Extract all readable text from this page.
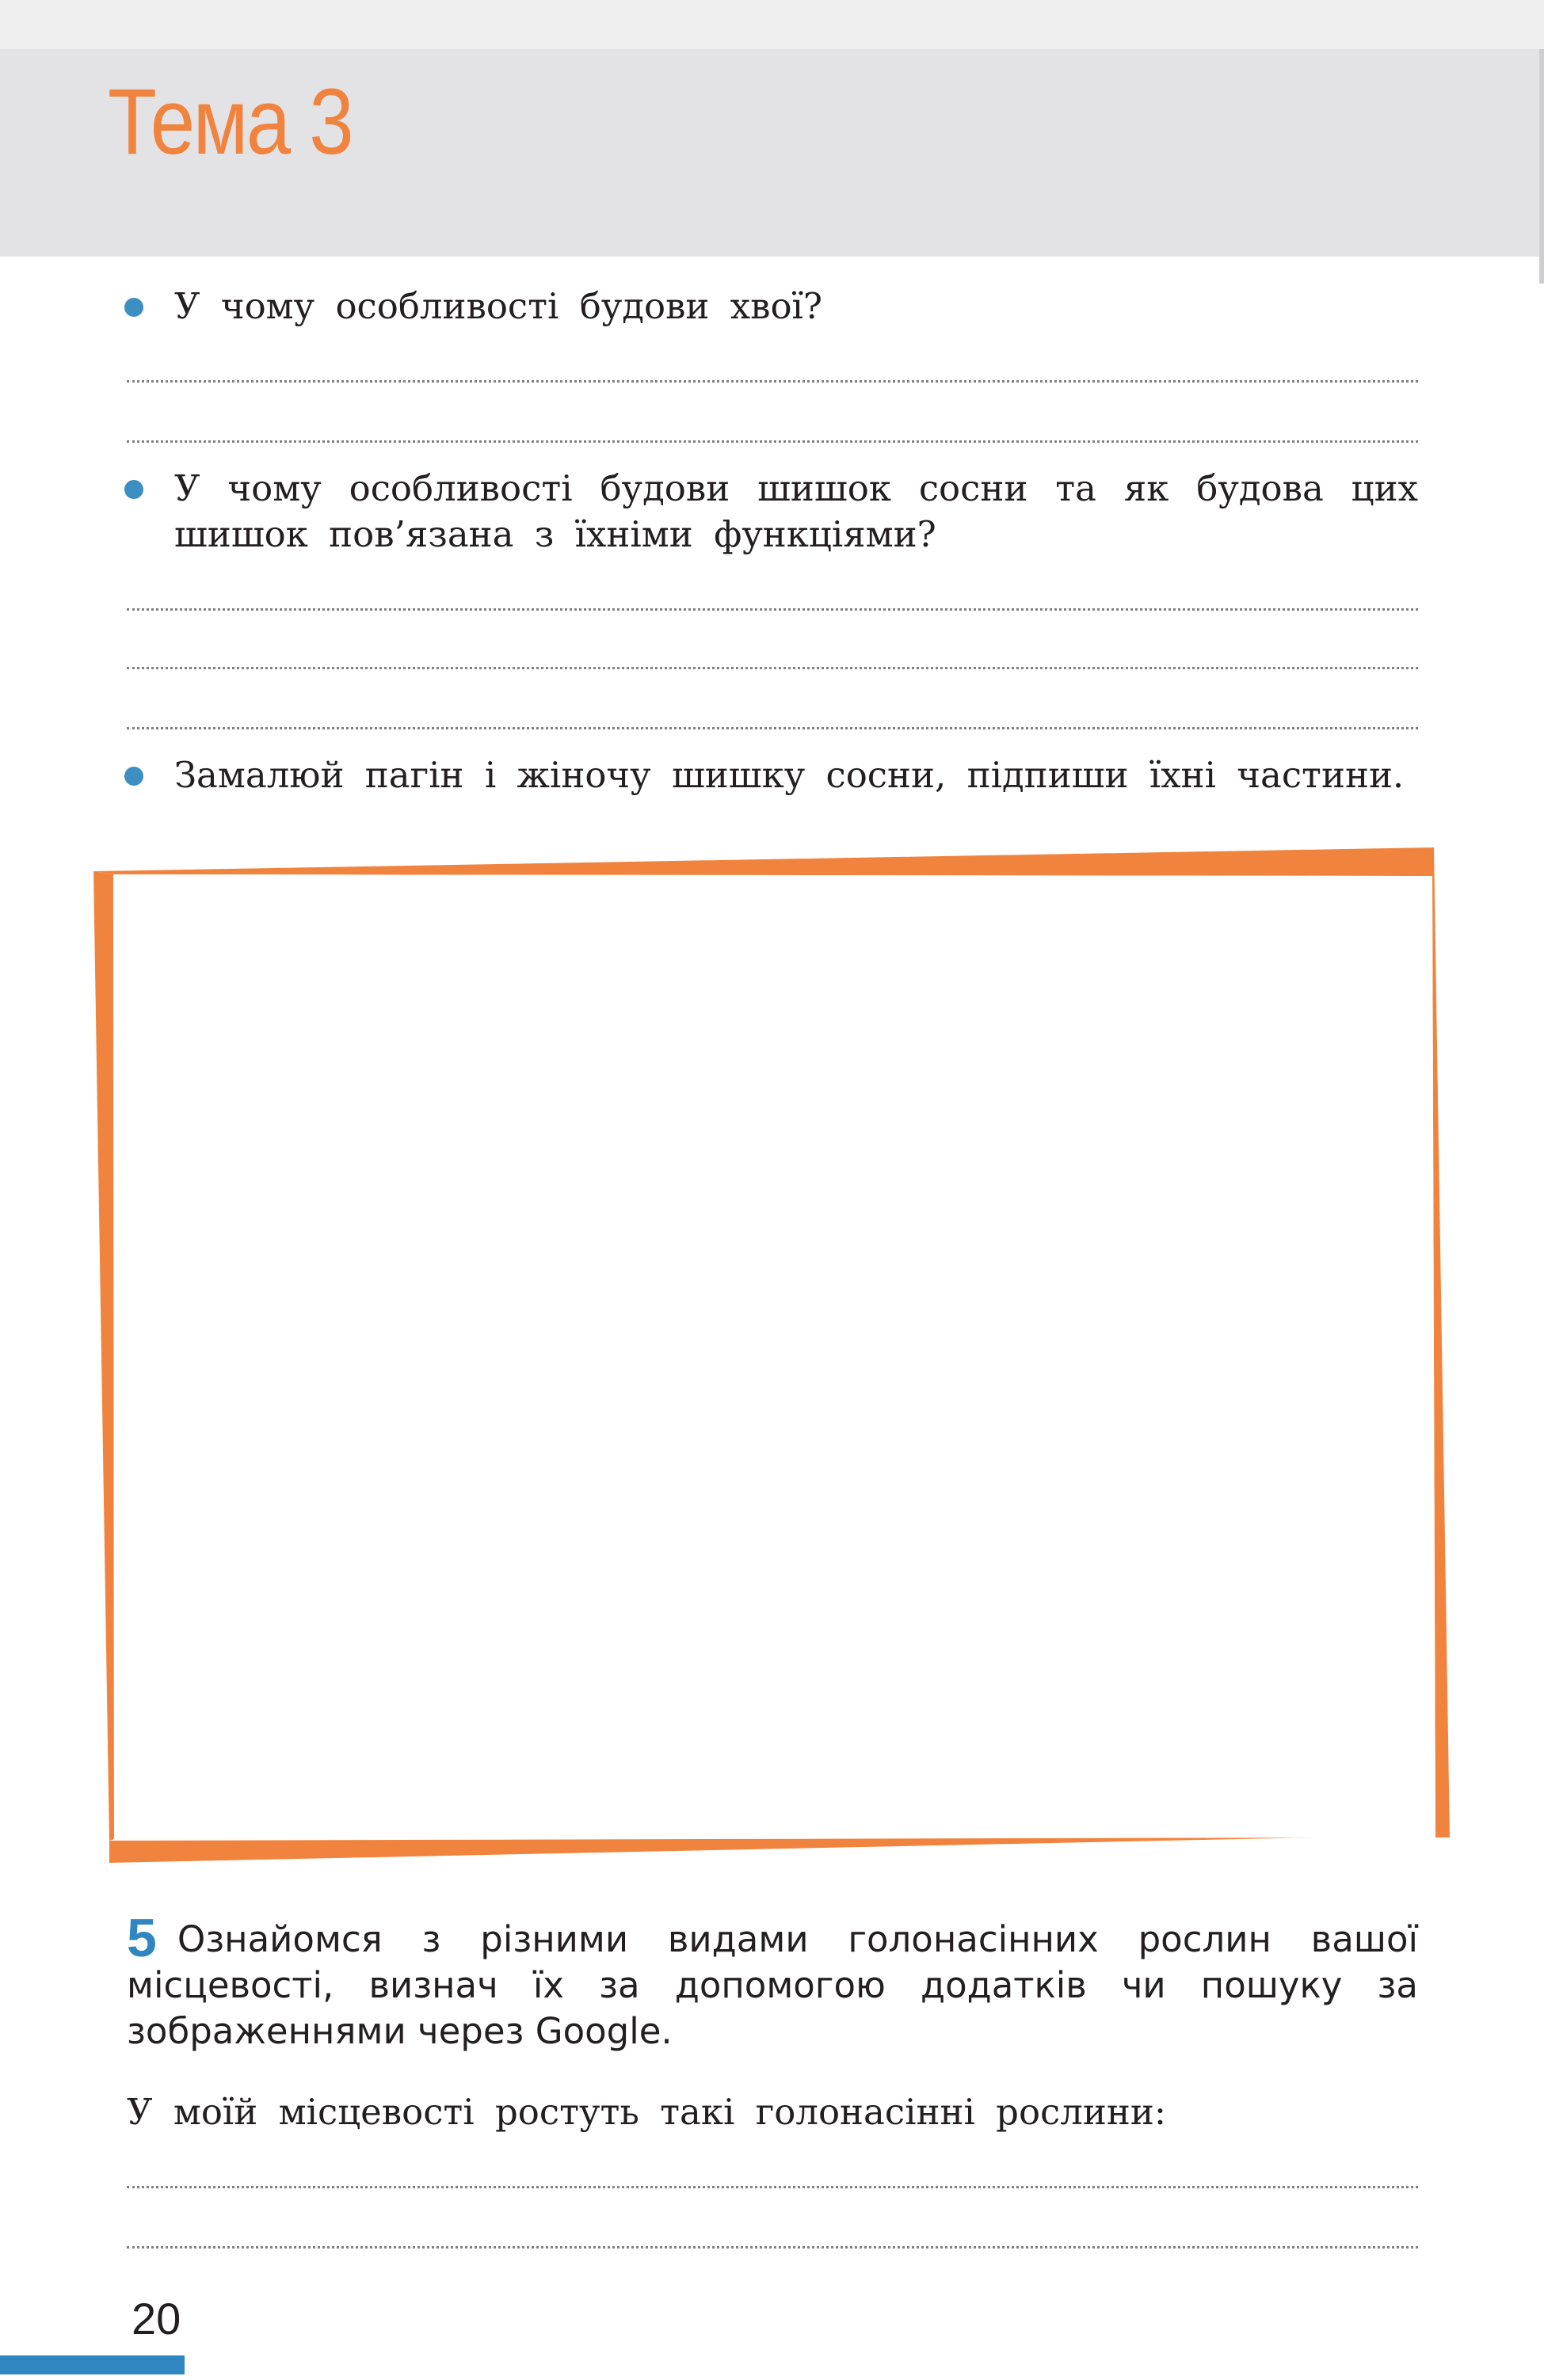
Тема 3
У чому особливості будови хвої?
У чому особливості будови шишок сосни та як будова цих шишок пов’язана з їхніми функціями?
Замалюй пагін і жіночу шишку сосни, підпиши їхні частини.
5 Ознайомся з різними видами голонасінних рослин вашої місцевості, визнач їх за допомогою додатків чи пошуку за зображеннями через Google.
У моїй місцевості ростуть такі голонасінні рослини:
20
